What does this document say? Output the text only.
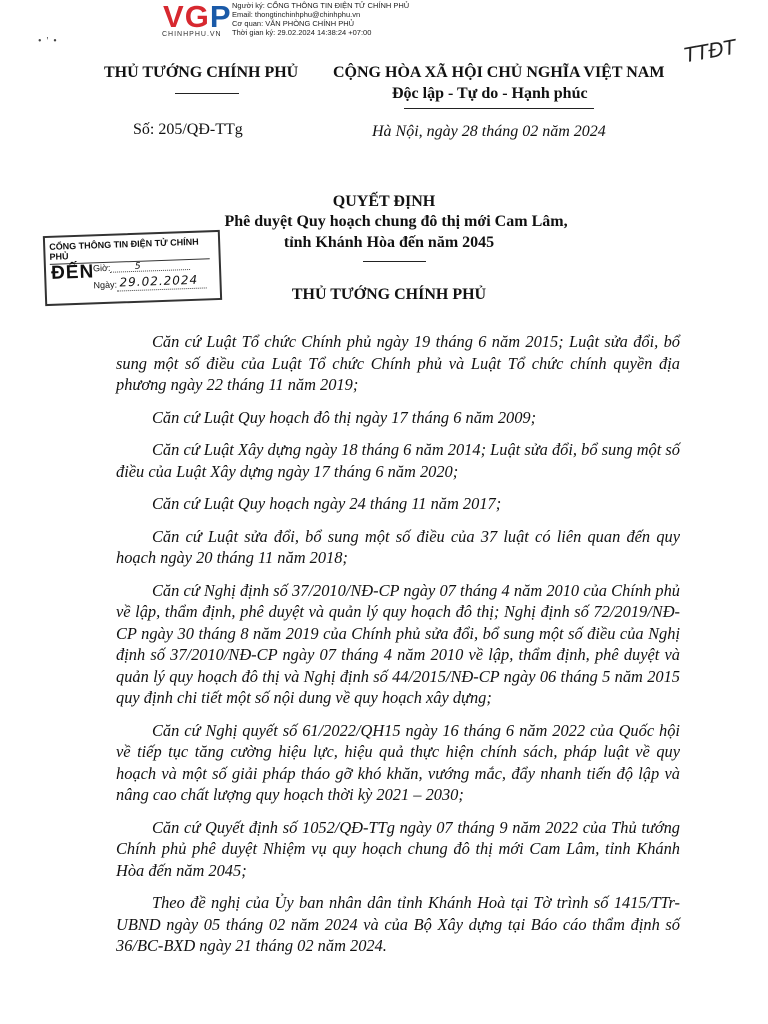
VGP
CHINHPHU.VN
Người ký: CỔNG THÔNG TIN ĐIỆN TỬ CHÍNH PHỦ
Email: thongtinchinhphu@chinhphu.vn
Cơ quan: VĂN PHÒNG CHÍNH PHỦ
Thời gian ký: 29.02.2024 14:38:24 +07:00
•  '  •	TTĐT
THỦ TƯỚNG CHÍNH PHỦ CỘNG HÒA XÃ HỘI CHỦ NGHĨA VIỆT NAM
Độc lập - Tự do - Hạnh phúc
Số: 205/QĐ-TTg	Hà Nội, ngày 28 tháng 02 năm 2024
QUYẾT ĐỊNH
Phê duyệt Quy hoạch chung đô thị mới Cam Lâm,
tỉnh Khánh Hòa đến năm 2045
THỦ TƯỚNG CHÍNH PHỦ
CỔNG THÔNG TIN ĐIỆN TỬ CHÍNH PHỦ
ĐẾN
Giờ:	5
Ngày: 29.02.2024

Căn cứ Luật Tổ chức Chính phủ ngày 19 tháng 6 năm 2015; Luật sửa đổi, bổ sung một số điều của Luật Tổ chức Chính phủ và Luật Tổ chức chính quyền địa phương ngày 22 tháng 11 năm 2019;

Căn cứ Luật Quy hoạch đô thị ngày 17 tháng 6 năm 2009;

Căn cứ Luật Xây dựng ngày 18 tháng 6 năm 2014; Luật sửa đổi, bổ sung một số điều của Luật Xây dựng ngày 17 tháng 6 năm 2020;

Căn cứ Luật Quy hoạch ngày 24 tháng 11 năm 2017;

Căn cứ Luật sửa đổi, bổ sung một số điều của 37 luật có liên quan đến quy hoạch ngày 20 tháng 11 năm 2018;

Căn cứ Nghị định số 37/2010/NĐ-CP ngày 07 tháng 4 năm 2010 của Chính phủ về lập, thẩm định, phê duyệt và quản lý quy hoạch đô thị; Nghị định số 72/2019/NĐ-CP ngày 30 tháng 8 năm 2019 của Chính phủ sửa đổi, bổ sung một số điều của Nghị định số 37/2010/NĐ-CP ngày 07 tháng 4 năm 2010 về lập, thẩm định, phê duyệt và quản lý quy hoạch đô thị và Nghị định số 44/2015/NĐ-CP ngày 06 tháng 5 năm 2015 quy định chi tiết một số nội dung về quy hoạch xây dựng;

Căn cứ Nghị quyết số 61/2022/QH15 ngày 16 tháng 6 năm 2022 của Quốc hội về tiếp tục tăng cường hiệu lực, hiệu quả thực hiện chính sách, pháp luật về quy hoạch và một số giải pháp tháo gỡ khó khăn, vướng mắc, đẩy nhanh tiến độ lập và nâng cao chất lượng quy hoạch thời kỳ 2021 – 2030;

Căn cứ Quyết định số 1052/QĐ-TTg ngày 07 tháng 9 năm 2022 của Thủ tướng Chính phủ phê duyệt Nhiệm vụ quy hoạch chung đô thị mới Cam Lâm, tỉnh Khánh Hòa đến năm 2045;

Theo đề nghị của Ủy ban nhân dân tỉnh Khánh Hoà tại Tờ trình số 1415/TTr-UBND ngày 05 tháng 02 năm 2024 và của Bộ Xây dựng tại Báo cáo thẩm định số 36/BC-BXD ngày 21 tháng 02 năm 2024.
